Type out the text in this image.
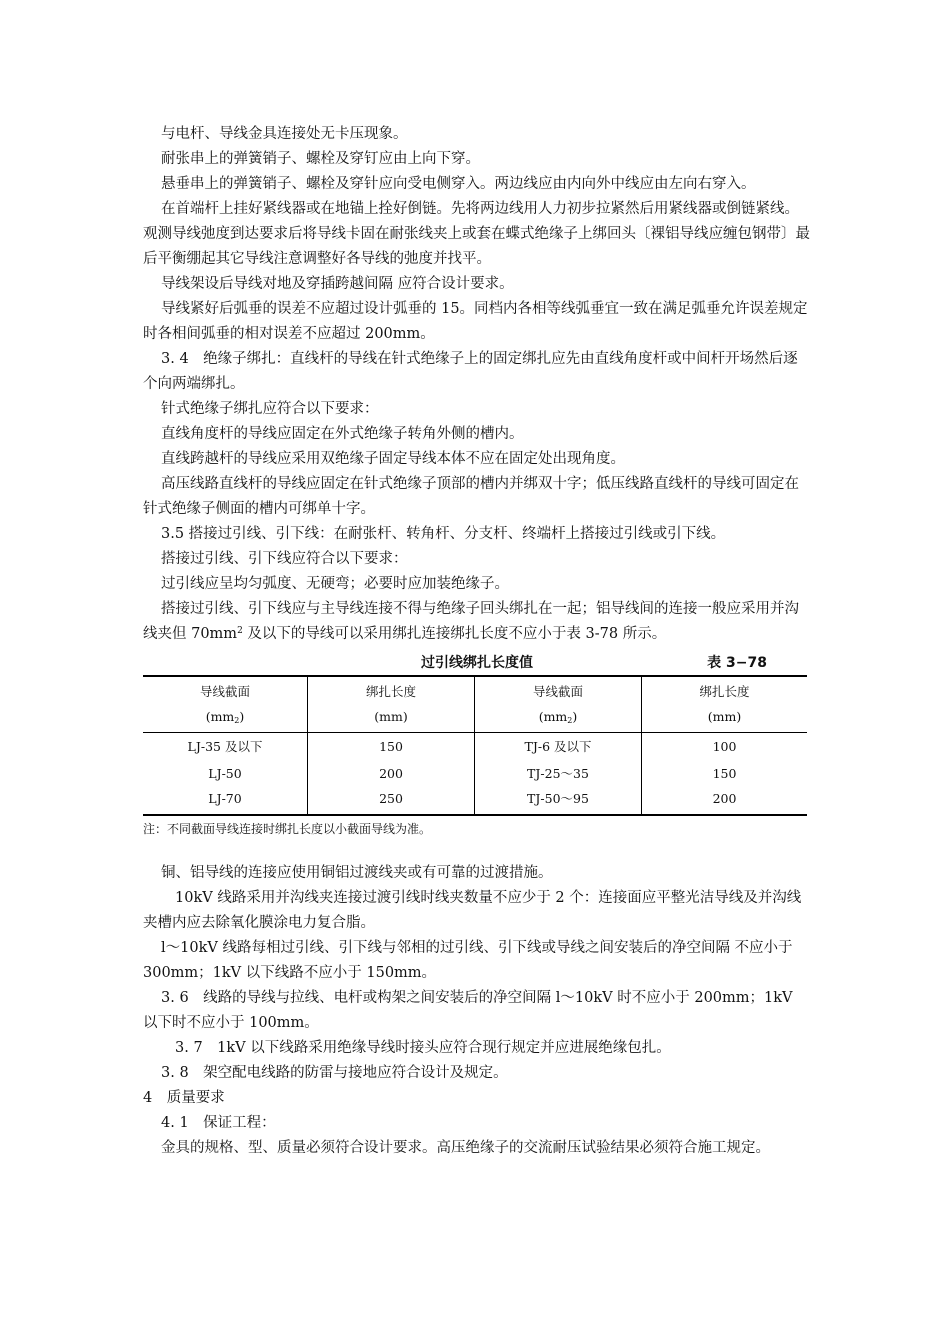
与电杆、导线金具连接处无卡压现象。

耐张串上的弹簧销子、螺栓及穿钉应由上向下穿。

悬垂串上的弹簧销子、螺栓及穿针应向受电侧穿入。两边线应由内向外中线应由左向右穿入。

在首端杆上挂好紧线器或在地锚上拴好倒链。先将两边线用人力初步拉紧然后用紧线器或倒链紧线。观测导线弛度到达要求后将导线卡固在耐张线夹上或套在蝶式绝缘子上绑回头〔裸铝导线应缠包钢带〕最后平衡绷起其它导线注意调整好各导线的弛度并找平。

导线架设后导线对地及穿插跨越间隔 应符合设计要求。

导线紧好后弧垂的误差不应超过设计弧垂的 15。同档内各相等线弧垂宜一致在满足弧垂允许误差规定时各相间弧垂的相对误差不应超过 200mm。

3. 4　绝缘子绑扎：直线杆的导线在针式绝缘子上的固定绑扎应先由直线角度杆或中间杆开场然后逐个向两端绑扎。

针式绝缘子绑扎应符合以下要求：

直线角度杆的导线应固定在外式绝缘子转角外侧的槽内。

直线跨越杆的导线应采用双绝缘子固定导线本体不应在固定处出现角度。

高压线路直线杆的导线应固定在针式绝缘子顶部的槽内并绑双十字；低压线路直线杆的导线可固定在针式绝缘子侧面的槽内可绑单十字。

3.5 搭接过引线、引下线：在耐张杆、转角杆、分支杆、终端杆上搭接过引线或引下线。

搭接过引线、引下线应符合以下要求：

过引线应呈均匀弧度、无硬弯；必要时应加装绝缘子。

搭接过引线、引下线应与主导线连接不得与绝缘子回头绑扎在一起；铝导线间的连接一般应采用并沟线夹但 $70mm^2$ 及以下的导线可以采用绑扎连接绑扎长度不应小于表 3-78 所示。

过引线绑扎长度值	表 3−78
导线截面	绑扎长度	导线截面	绑扎长度
$(mm_2)$	(mm)	$(mm_2)$	(mm)
LJ-35 及以下	150	TJ-6 及以下	100
LJ-50	200	TJ-25～35	150
LJ-70	250	TJ-50～95	200
注：不同截面导线连接时绑扎长度以小截面导线为准。

铜、铝导线的连接应使用铜铝过渡线夹或有可靠的过渡措施。

10kV 线路采用并沟线夹连接过渡引线时线夹数量不应少于 2 个：连接面应平整光洁导线及并沟线夹槽内应去除氧化膜涂电力复合脂。

l～10kV 线路每相过引线、引下线与邻相的过引线、引下线或导线之间安装后的净空间隔 不应小于 300mm；1kV 以下线路不应小于 150mm。

3. 6　线路的导线与拉线、电杆或构架之间安装后的净空间隔 l～10kV 时不应小于 200mm；1kV 以下时不应小于 100mm。

3. 7　1kV 以下线路采用绝缘导线时接头应符合现行规定并应进展绝缘包扎。

3. 8　架空配电线路的防雷与接地应符合设计及规定。

4　质量要求

4. 1　保证工程：

金具的规格、型、质量必须符合设计要求。高压绝缘子的交流耐压试验结果必须符合施工规定。
